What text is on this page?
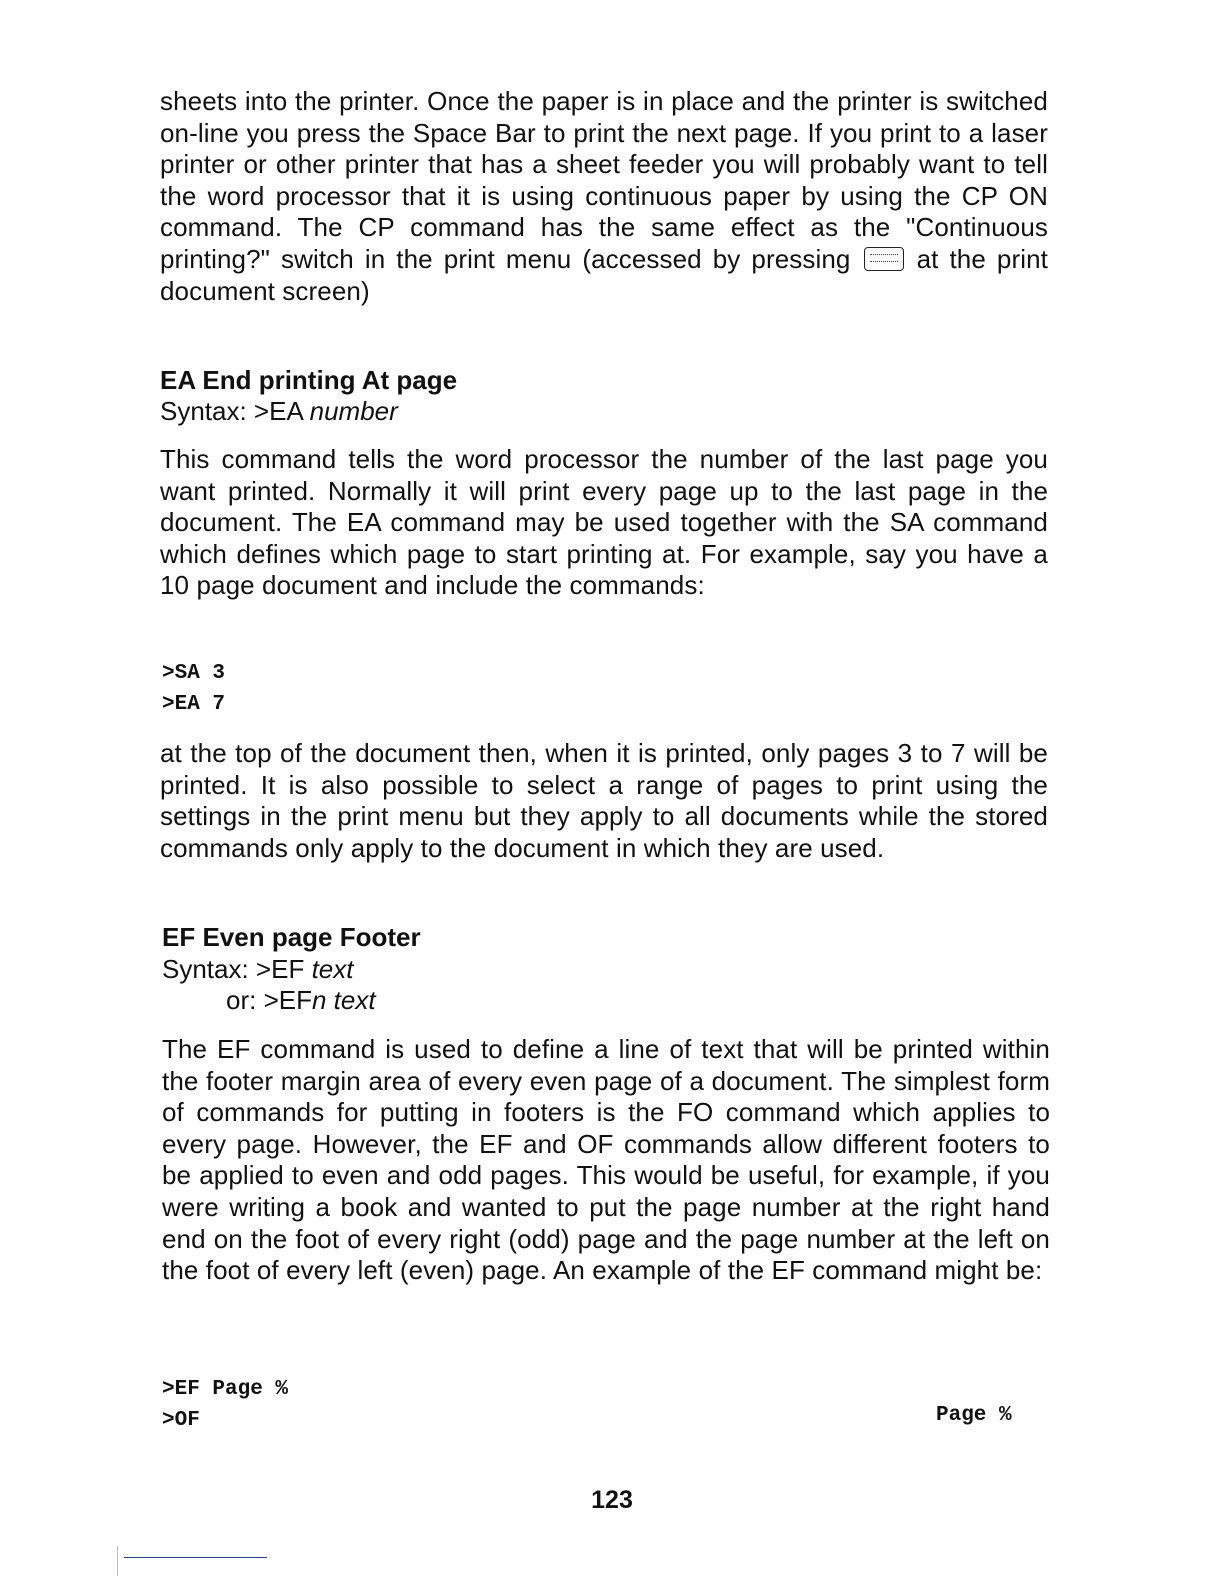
sheets into the printer. Once the paper is in place and the printer is switched on-line you press the Space Bar to print the next page. If you print to a laser printer or other printer that has a sheet feeder you will probably want to tell the word processor that it is using continuous paper by using the CP ON command. The CP command has the same effect as the "Continuous printing?" switch in the print menu (accessed by pressing	at the print document screen)

EA End printing At page

Syntax: >EA number

This command tells the word processor the number of the last page you want printed. Normally it will print every page up to the last page in the document. The EA command may be used together with the SA command which defines which page to start printing at. For example, say you have a 10 page document and include the commands:

>SA 3

>EA 7

at the top of the document then, when it is printed, only pages 3 to 7 will be printed. It is also possible to select a range of pages to print using the settings in the print menu but they apply to all documents while the stored commands only apply to the document in which they are used.

EF Even page Footer

Syntax: >EF text

or: >EFn text

The EF command is used to define a line of text that will be printed within the footer margin area of every even page of a document. The simplest form of commands for putting in footers is the FO command which applies to every page. However, the EF and OF commands allow different footers to be applied to even and odd pages. This would be useful, for example, if you were writing a book and wanted to put the page number at the right hand end on the foot of every right (odd) page and the page number at the left on the foot of every left (even) page. An example of the EF command might be:

>EF Page %

>OF	Page %
123
